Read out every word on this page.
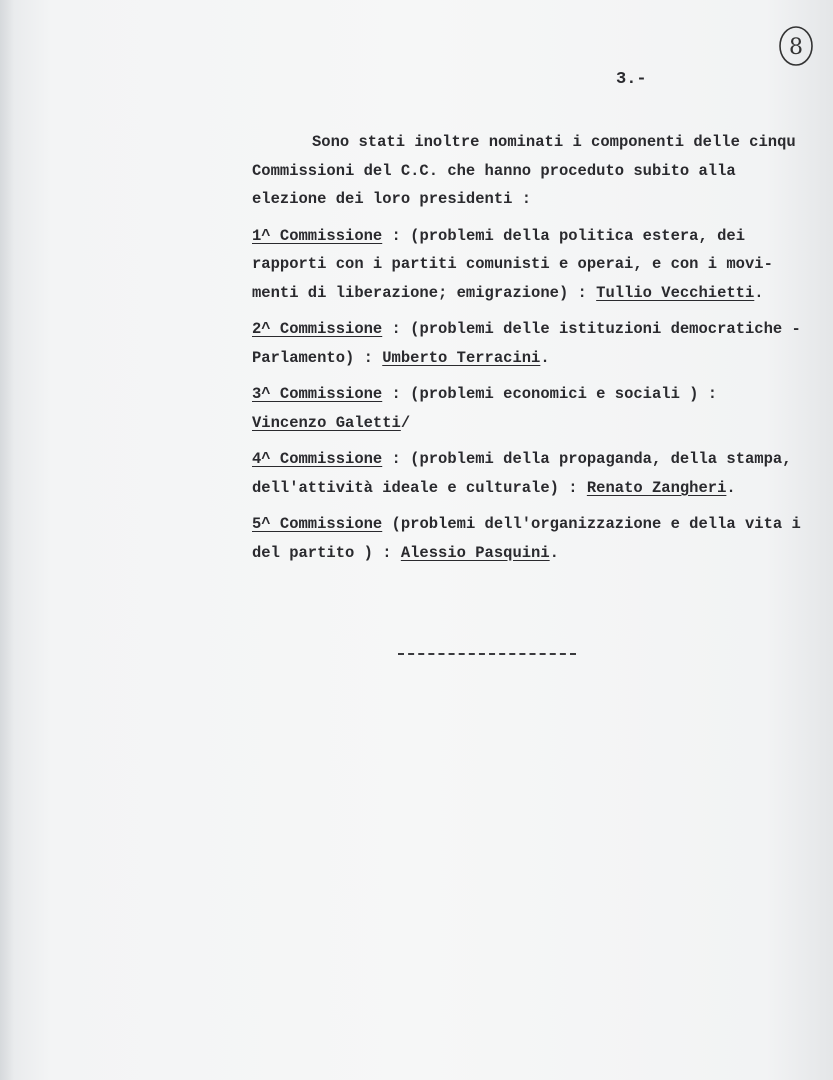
8
3.-

Sono stati inoltre nominati i componenti delle cinqu
Commissioni del C.C. che hanno proceduto subito alla
elezione dei loro presidenti :

1^ Commissione : (problemi della politica estera, dei
rapporti con i partiti comunisti e operai, e con i movi-
menti di liberazione; emigrazione) : Tullio Vecchietti.

2^ Commissione : (problemi delle istituzioni democratiche -
Parlamento) : Umberto Terracini.

3^ Commissione : (problemi economici e sociali ) :
Vincenzo Galetti/

4^ Commissione : (problemi della propaganda, della stampa,
dell'attività ideale e culturale) : Renato Zangheri.

5^ Commissione (problemi dell'organizzazione e della vita i
del partito ) : Alessio Pasquini.
